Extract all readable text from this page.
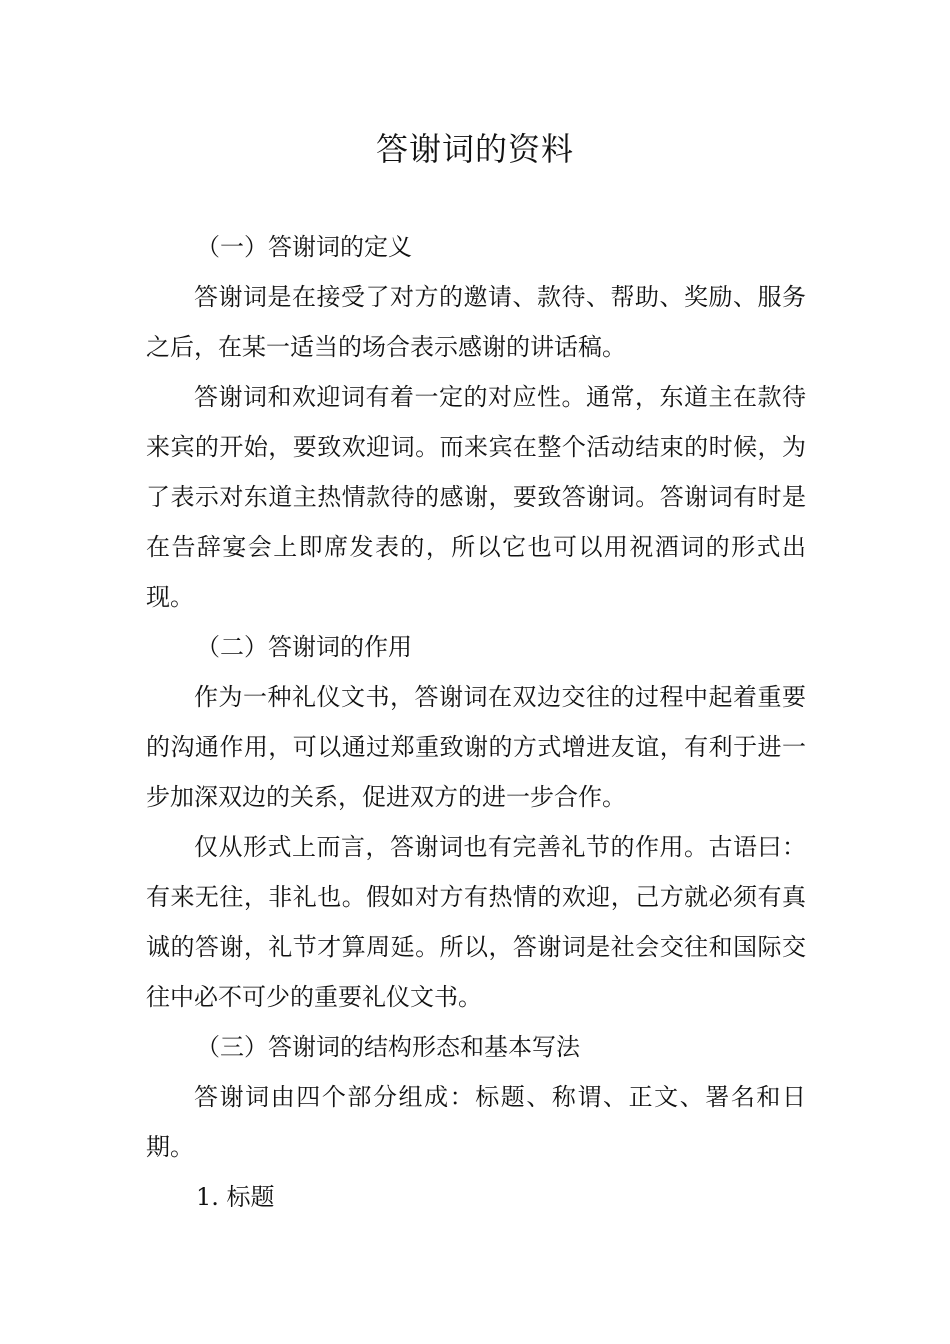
答谢词的资料

（一）答谢词的定义

答谢词是在接受了对方的邀请、款待、帮助、奖励、服务之后，在某一适当的场合表示感谢的讲话稿。

答谢词和欢迎词有着一定的对应性。通常，东道主在款待来宾的开始，要致欢迎词。而来宾在整个活动结束的时候，为了表示对东道主热情款待的感谢，要致答谢词。答谢词有时是在告辞宴会上即席发表的，所以它也可以用祝酒词的形式出现。

（二）答谢词的作用

作为一种礼仪文书，答谢词在双边交往的过程中起着重要的沟通作用，可以通过郑重致谢的方式增进友谊，有利于进一步加深双边的关系，促进双方的进一步合作。

仅从形式上而言，答谢词也有完善礼节的作用。古语曰：有来无往，非礼也。假如对方有热情的欢迎，己方就必须有真诚的答谢，礼节才算周延。所以，答谢词是社会交往和国际交往中必不可少的重要礼仪文书。

（三）答谢词的结构形态和基本写法

答谢词由四个部分组成：标题、称谓、正文、署名和日期。

1. 标题
